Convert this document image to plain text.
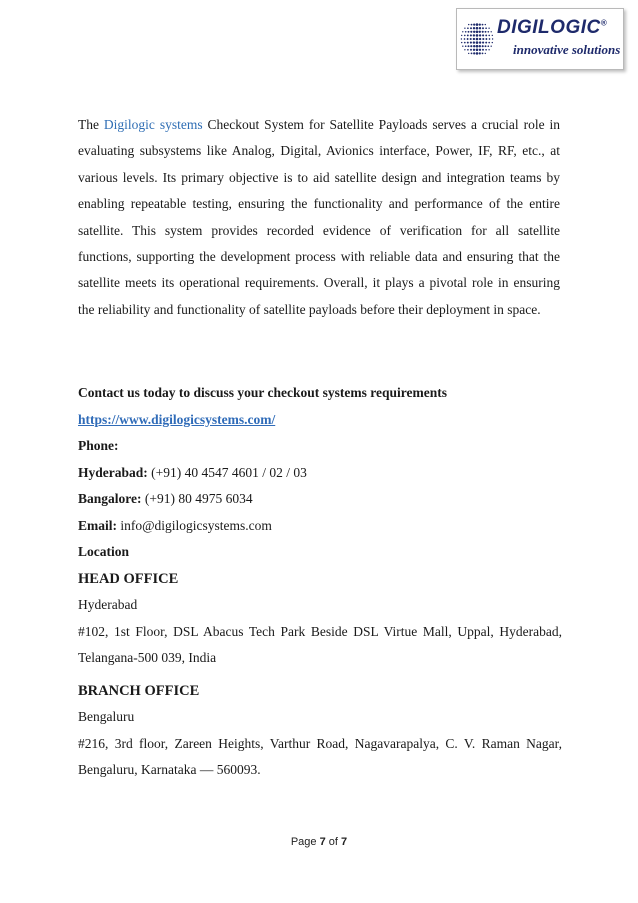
DIGILOGIC®
innovative solutions

The Digilogic systems Checkout System for Satellite Payloads serves a crucial role in evaluating subsystems like Analog, Digital, Avionics interface, Power, IF, RF, etc., at various levels. Its primary objective is to aid satellite design and integration teams by enabling repeatable testing, ensuring the functionality and performance of the entire satellite. This system provides recorded evidence of verification for all satellite functions, supporting the development process with reliable data and ensuring that the satellite meets its operational requirements. Overall, it plays a pivotal role in ensuring the reliability and functionality of satellite payloads before their deployment in space.

Contact us today to discuss your checkout systems requirements
https://www.digilogicsystems.com/
Phone:
Hyderabad: (+91) 40 4547 4601 / 02 / 03
Bangalore: (+91) 80 4975 6034
Email: info@digilogicsystems.com
Location
HEAD OFFICE
Hyderabad
#102, 1st Floor, DSL Abacus Tech Park Beside DSL Virtue Mall, Uppal, Hyderabad, Telangana-500 039, India
BRANCH OFFICE
Bengaluru
#216, 3rd floor, Zareen Heights, Varthur Road, Nagavarapalya, C. V. Raman Nagar, Bengaluru, Karnataka — 560093.
Page 7 of 7
